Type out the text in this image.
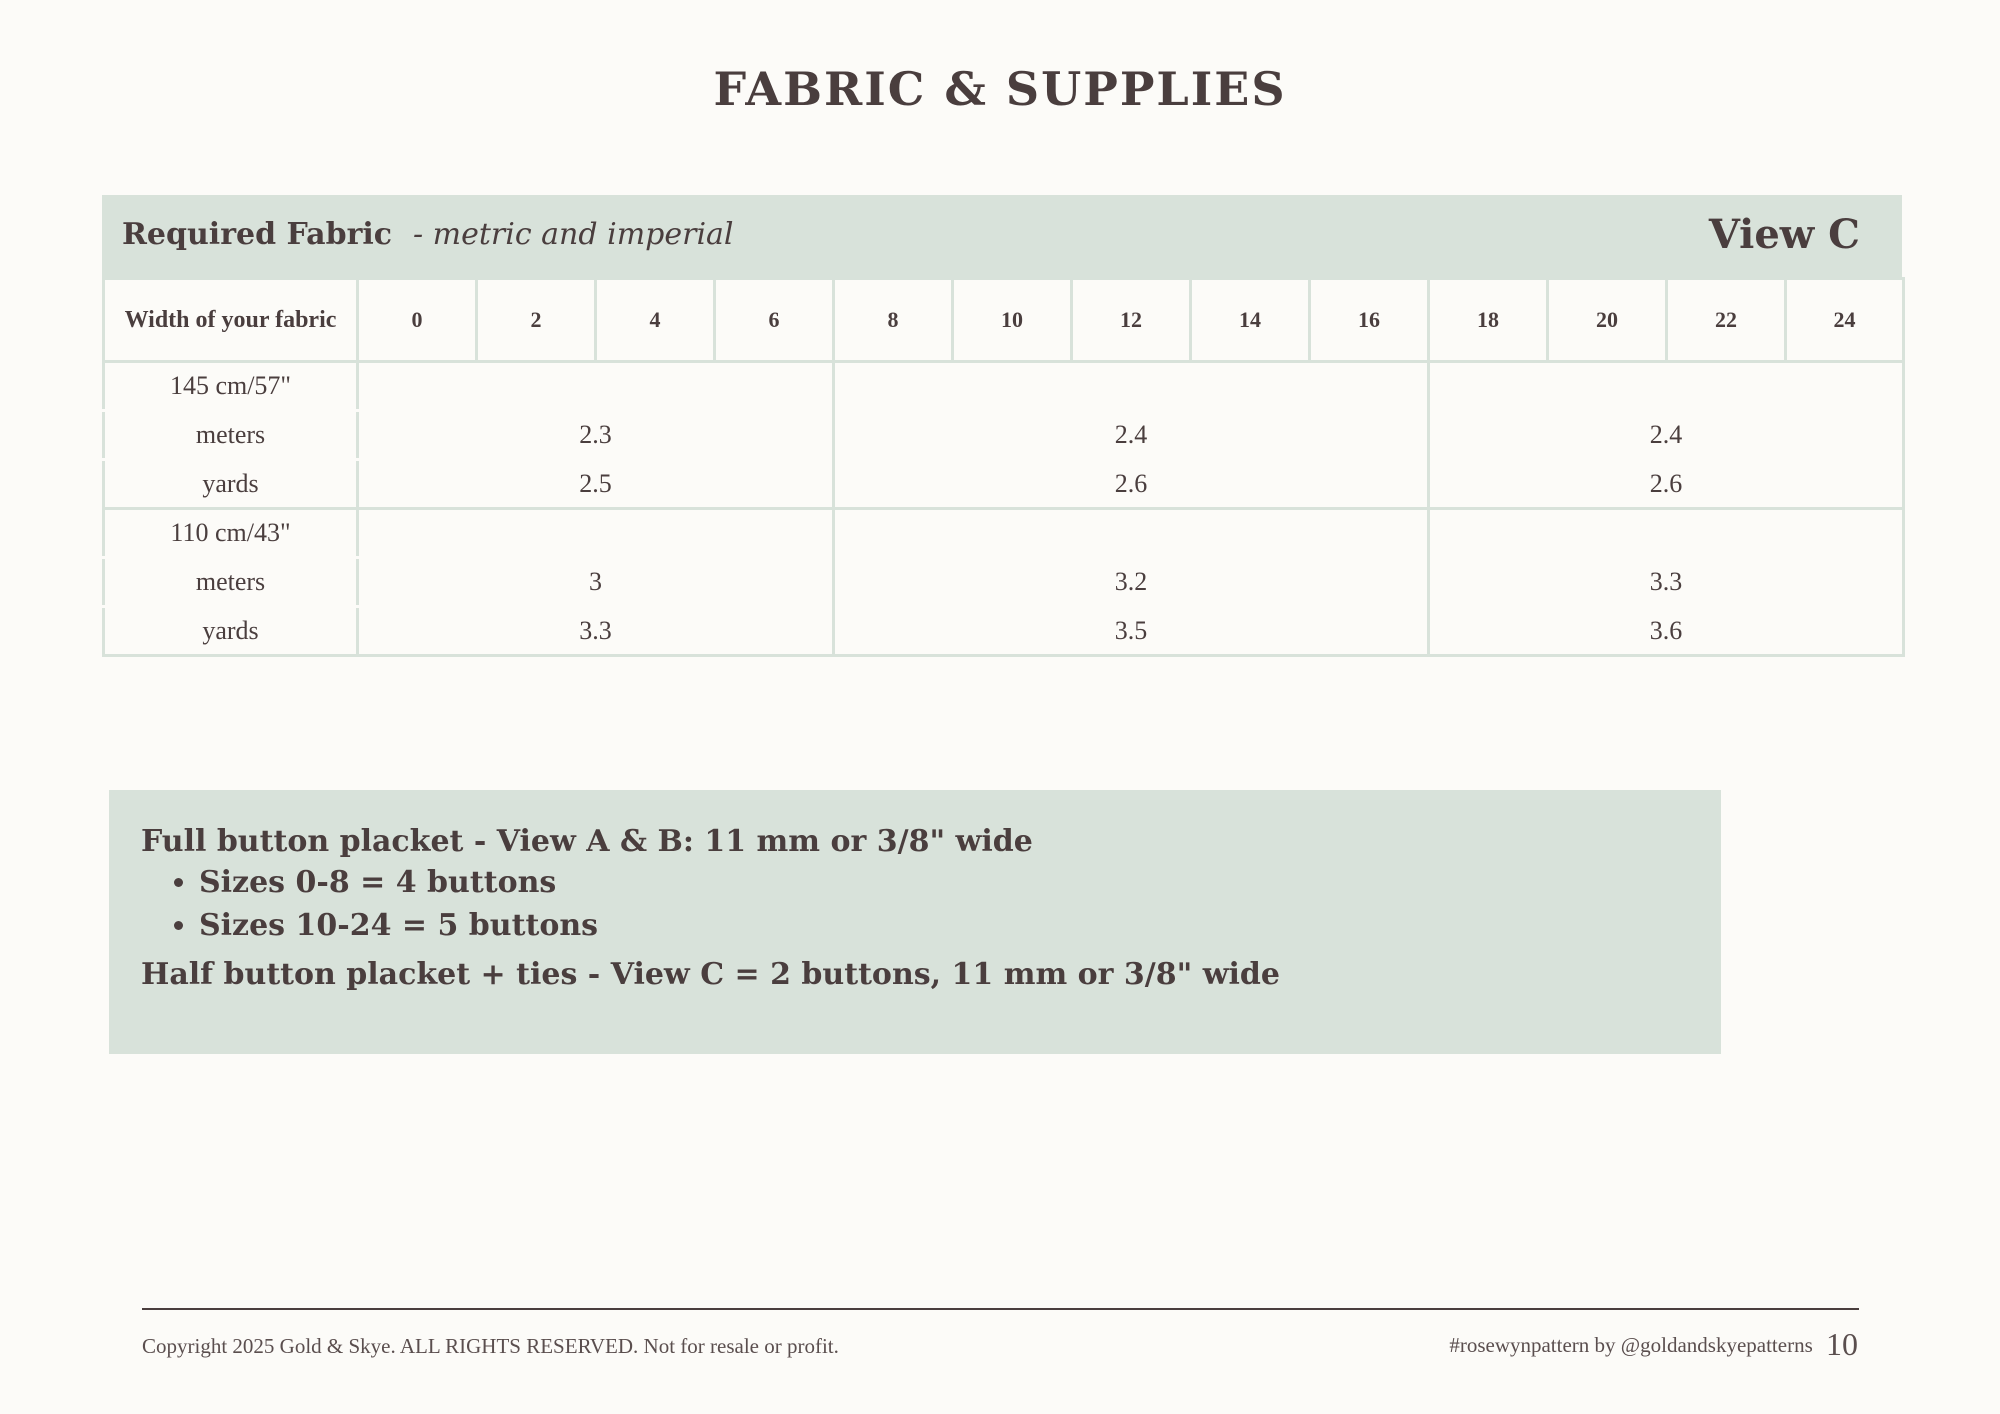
FABRIC & SUPPLIES
Required Fabric - metric and imperial	View C
Width of your fabric	0	2	4	6	8	10	12	14	16	18	20	22	24
145 cm/57"													
meters	2.3				2.4					2.4			
yards	2.5				2.6					2.6			
110 cm/43"													
meters	3				3.2					3.3			
yards	3.3				3.5					3.6			

Full button placket - View A & B: 11 mm or 3/8" wide

• Sizes 0-8 = 4 buttons
• Sizes 10-24 = 5 buttons

Half button placket + ties - View C = 2 buttons, 11 mm or 3/8" wide

Copyright 2025 Gold & Skye. ALL RIGHTS RESERVED. Not for resale or profit.	#rosewynpattern by @goldandskyepatterns 10
